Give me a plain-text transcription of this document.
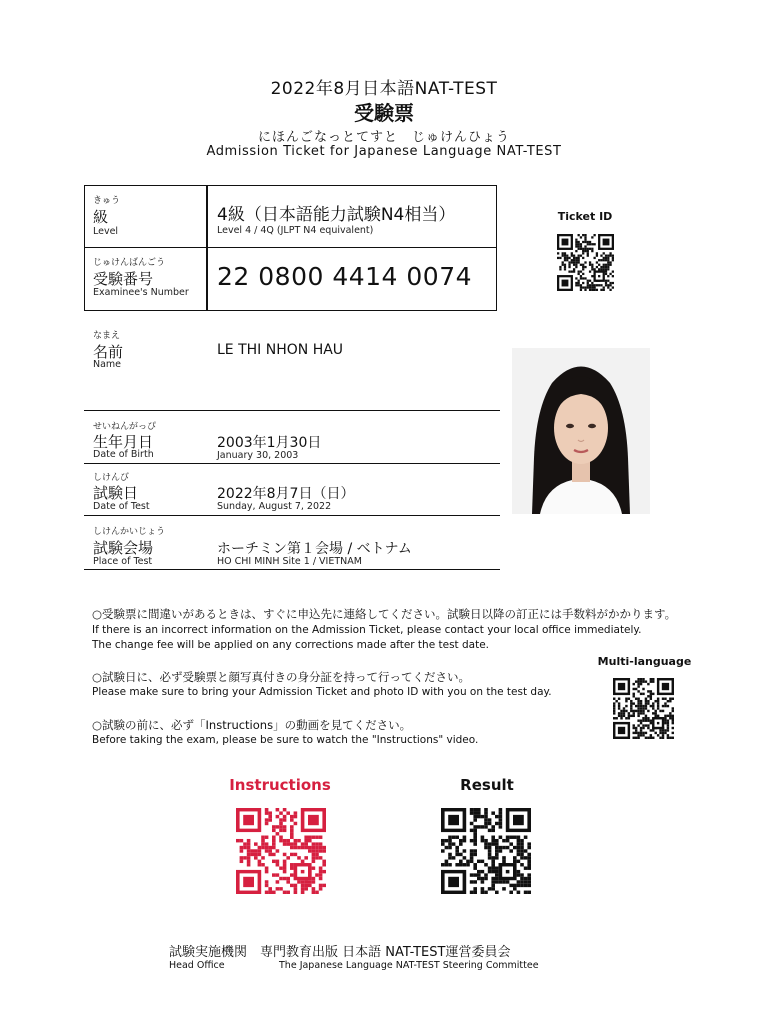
2022年8月日本語NAT-TEST
受験票
にほんごなっとてすと　じゅけんひょう
Admission Ticket for Japanese Language NAT-TEST
きゅう
級
Level
4級（日本語能力試験N4相当）
Level 4 / 4Q (JLPT N4 equivalent)
じゅけんばんごう
受験番号
Examinee's Number
22 0800 4414 0074
なまえ
名前
Name
LE THI NHON HAU
せいねんがっぴ
生年月日
Date of Birth
2003年1月30日
January 30, 2003
しけんび
試験日
Date of Test
2022年8月7日（日）
Sunday, August 7, 2022
しけんかいじょう
試験会場
Place of Test
ホーチミン第１会場 / ベトナム
HO CHI MINH Site 1 / VIETNAM
Ticket ID
○受験票に間違いがあるときは、すぐに申込先に連絡してください。試験日以降の訂正には手数料がかかります。
If there is an incorrect information on the Admission Ticket, please contact your local office immediately.
The change fee will be applied on any corrections made after the test date.
○試験日に、必ず受験票と顔写真付きの身分証を持って行ってください。
Please make sure to bring your Admission Ticket and photo ID with you on the test day.
○試験の前に、必ず「Instructions」の動画を見てください。
Before taking the exam, please be sure to watch the "Instructions" video.
Multi-language
Instructions	Result
試験実施機関　専門教育出版 日本語 NAT-TEST運営委員会
Head Office	The Japanese Language NAT-TEST Steering Committee
